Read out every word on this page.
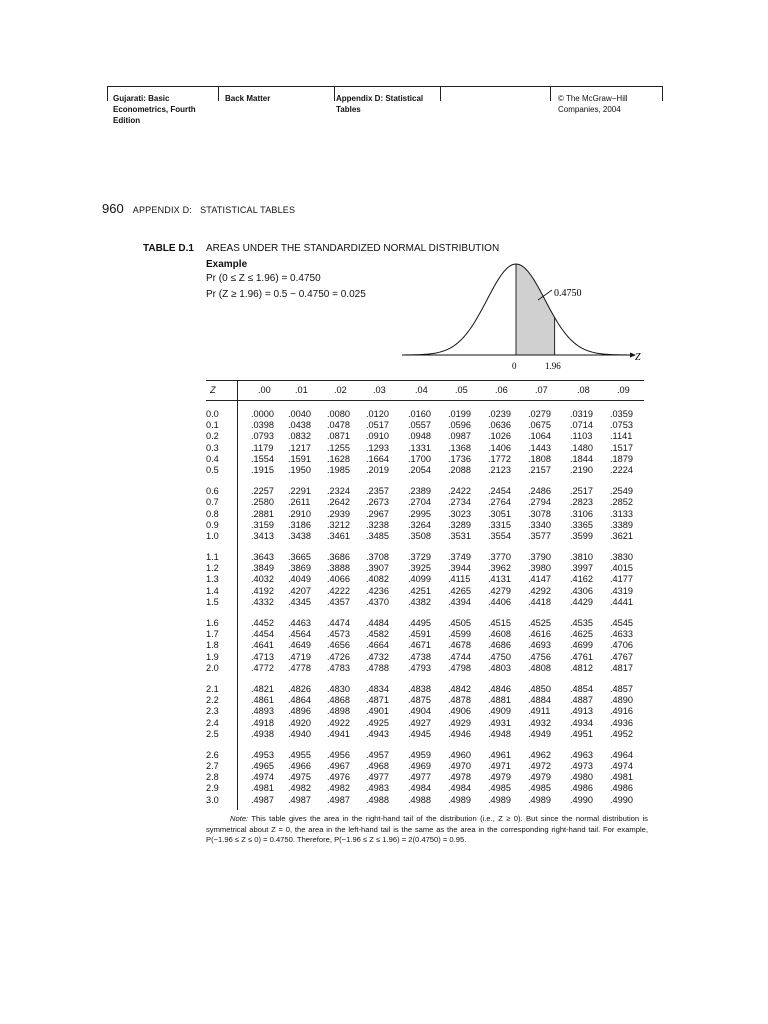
Gujarati: Basic
Econometrics, Fourth
Edition
Back Matter	Appendix D: Statistical
Tables
© The McGraw−Hill
Companies, 2004
960 APPENDIX D:   STATISTICAL TABLES
TABLE D.1 AREAS UNDER THE STANDARDIZED NORMAL DISTRIBUTION
Example
Pr (0 ≤ Z ≤ 1.96) = 0.4750
Pr (Z ≥ 1.96) = 0.5 − 0.4750 = 0.025	0.4750
Z
0	1.96
Z	.00	.01	.02	.03	.04	.05	.06	.07	.08	.09
0.0	.0000 .0040 .0080 .0120 .0160 .0199 .0239 .0279 .0319 .0359
0.1	.0398 .0438 .0478 .0517 .0557 .0596 .0636 .0675 .0714 .0753
0.2	.0793 .0832 .0871 .0910 .0948 .0987 .1026 .1064 .1103 .1141
0.3	.1179 .1217 .1255 .1293 .1331 .1368 .1406 .1443 .1480 .1517
0.4	.1554 .1591 .1628 .1664 .1700 .1736 .1772 .1808 .1844 .1879
0.5	.1915 .1950 .1985 .2019 .2054 .2088 .2123 .2157 .2190 .2224
0.6	.2257 .2291 .2324 .2357 .2389 .2422 .2454 .2486 .2517 .2549
0.7	.2580 .2611 .2642 .2673 .2704 .2734 .2764 .2794 .2823 .2852
0.8	.2881 .2910 .2939 .2967 .2995 .3023 .3051 .3078 .3106 .3133
0.9	.3159 .3186 .3212 .3238 .3264 .3289 .3315 .3340 .3365 .3389
1.0	.3413 .3438 .3461 .3485 .3508 .3531 .3554 .3577 .3599 .3621
1.1	.3643 .3665 .3686 .3708 .3729 .3749 .3770 .3790 .3810 .3830
1.2	.3849 .3869 .3888 .3907 .3925 .3944 .3962 .3980 .3997 .4015
1.3	.4032 .4049 .4066 .4082 .4099 .4115 .4131 .4147 .4162 .4177
1.4	.4192 .4207 .4222 .4236 .4251 .4265 .4279 .4292 .4306 .4319
1.5	.4332 .4345 .4357 .4370 .4382 .4394 .4406 .4418 .4429 .4441
1.6	.4452 .4463 .4474 .4484 .4495 .4505 .4515 .4525 .4535 .4545
1.7	.4454 .4564 .4573 .4582 .4591 .4599 .4608 .4616 .4625 .4633
1.8	.4641 .4649 .4656 .4664 .4671 .4678 .4686 .4693 .4699 .4706
1.9	.4713 .4719 .4726 .4732 .4738 .4744 .4750 .4756 .4761 .4767
2.0	.4772 .4778 .4783 .4788 .4793 .4798 .4803 .4808 .4812 .4817
2.1	.4821 .4826 .4830 .4834 .4838 .4842 .4846 .4850 .4854 .4857
2.2	.4861 .4864 .4868 .4871 .4875 .4878 .4881 .4884 .4887 .4890
2.3	.4893 .4896 .4898 .4901 .4904 .4906 .4909 .4911 .4913 .4916
2.4	.4918 .4920 .4922 .4925 .4927 .4929 .4931 .4932 .4934 .4936
2.5	.4938 .4940 .4941 .4943 .4945 .4946 .4948 .4949 .4951 .4952
2.6	.4953 .4955 .4956 .4957 .4959 .4960 .4961 .4962 .4963 .4964
2.7	.4965 .4966 .4967 .4968 .4969 .4970 .4971 .4972 .4973 .4974
2.8	.4974 .4975 .4976 .4977 .4977 .4978 .4979 .4979 .4980 .4981
2.9	.4981 .4982 .4982 .4983 .4984 .4984 .4985 .4985 .4986 .4986
3.0	.4987 .4987 .4987 .4988 .4988 .4989 .4989 .4989 .4990 .4990
Note: This table gives the area in the right-hand tail of the distribution (i.e., Z ≥ 0). But since the normal distribution is symmetrical about Z = 0, the area in the left-hand tail is the same as the area in the corresponding right-hand tail. For example, P(−1.96 ≤ Z ≤ 0) = 0.4750. Therefore, P(−1.96 ≤ Z ≤ 1.96) = 2(0.4750) = 0.95.
